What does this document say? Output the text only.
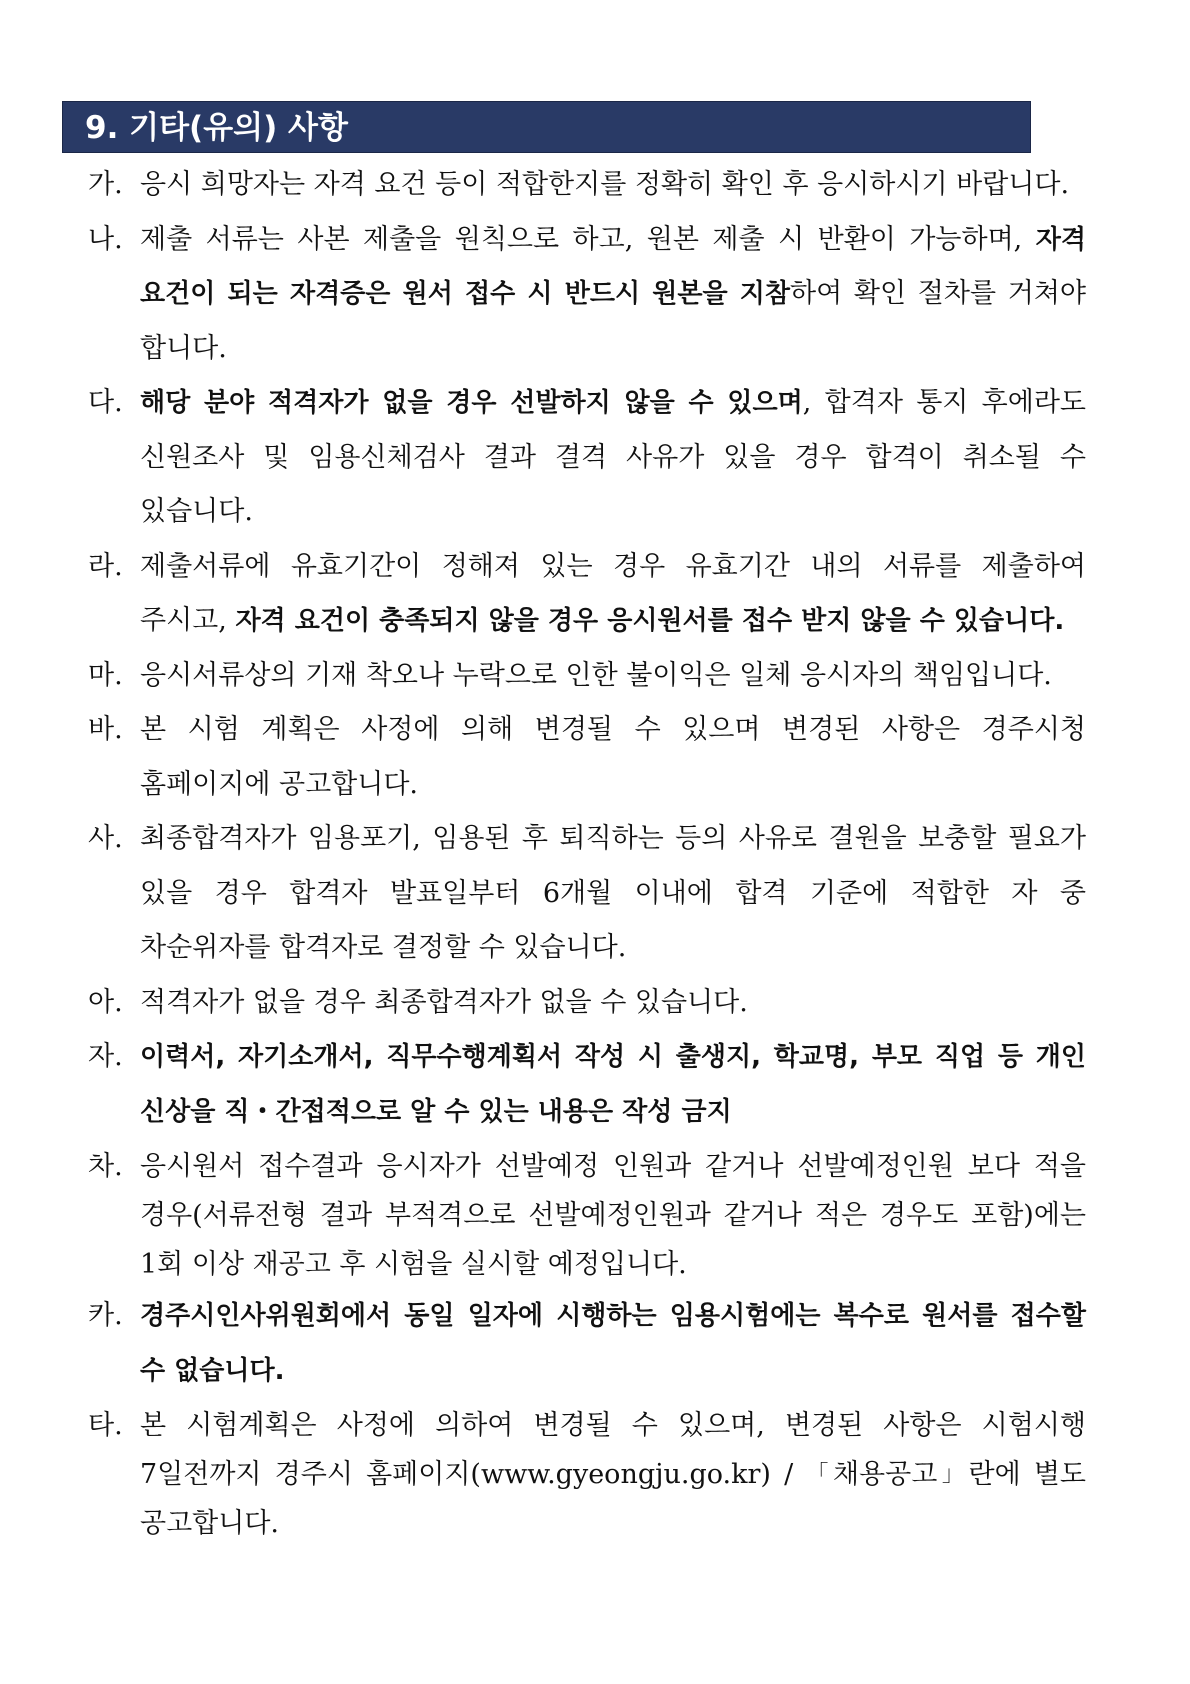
9. 기타(유의) 사항
가. 응시 희망자는 자격 요건 등이 적합한지를 정확히 확인 후 응시하시기 바랍니다.
나. 제출 서류는 사본 제출을 원칙으로 하고, 원본 제출 시 반환이 가능하며, 자격 요건이 되는 자격증은 원서 접수 시 반드시 원본을 지참하여 확인 절차를 거쳐야 합니다.
다. 해당 분야 적격자가 없을 경우 선발하지 않을 수 있으며, 합격자 통지 후에라도 신원조사 및 임용신체검사 결과 결격 사유가 있을 경우 합격이 취소될 수 있습니다.
라. 제출서류에 유효기간이 정해져 있는 경우 유효기간 내의 서류를 제출하여 주시고, 자격 요건이 충족되지 않을 경우 응시원서를 접수 받지 않을 수 있습니다.
마. 응시서류상의 기재 착오나 누락으로 인한 불이익은 일체 응시자의 책임입니다.
바. 본 시험 계획은 사정에 의해 변경될 수 있으며 변경된 사항은 경주시청 홈페이지에 공고합니다.
사. 최종합격자가 임용포기, 임용된 후 퇴직하는 등의 사유로 결원을 보충할 필요가 있을 경우 합격자 발표일부터 6개월 이내에 합격 기준에 적합한 자 중 차순위자를 합격자로 결정할 수 있습니다.
아. 적격자가 없을 경우 최종합격자가 없을 수 있습니다.
자. 이력서, 자기소개서, 직무수행계획서 작성 시 출생지, 학교명, 부모 직업 등 개인 신상을 직・간접적으로 알 수 있는 내용은 작성 금지
차. 응시원서 접수결과 응시자가 선발예정 인원과 같거나 선발예정인원 보다 적을 경우(서류전형 결과 부적격으로 선발예정인원과 같거나 적은 경우도 포함)에는 1회 이상 재공고 후 시험을 실시할 예정입니다.
카. 경주시인사위원회에서 동일 일자에 시행하는 임용시험에는 복수로 원서를 접수할 수 없습니다.
타. 본 시험계획은 사정에 의하여 변경될 수 있으며, 변경된 사항은 시험시행 7일전까지 경주시 홈페이지(www.gyeongju.go.kr) / 「채용공고」란에 별도 공고합니다.
